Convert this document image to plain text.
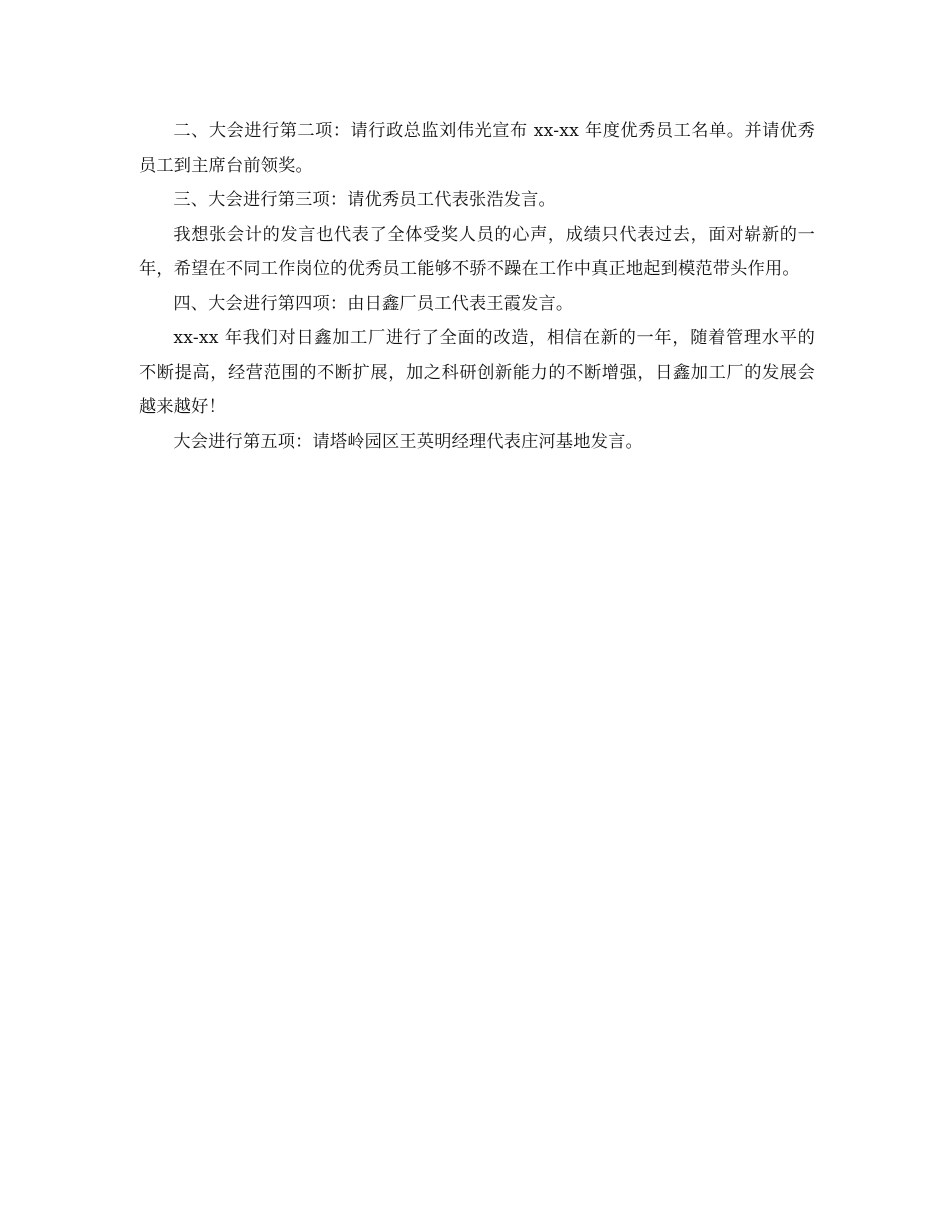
二、大会进行第二项：请行政总监刘伟光宣布 xx-xx 年度优秀员工名单。并请优秀员工到主席台前领奖。

三、大会进行第三项：请优秀员工代表张浩发言。

我想张会计的发言也代表了全体受奖人员的心声，成绩只代表过去，面对崭新的一年，希望在不同工作岗位的优秀员工能够不骄不躁在工作中真正地起到模范带头作用。

四、大会进行第四项：由日鑫厂员工代表王霞发言。

xx-xx 年我们对日鑫加工厂进行了全面的改造，相信在新的一年，随着管理水平的不断提高，经营范围的不断扩展，加之科研创新能力的不断增强，日鑫加工厂的发展会越来越好！

大会进行第五项：请塔岭园区王英明经理代表庄河基地发言。
